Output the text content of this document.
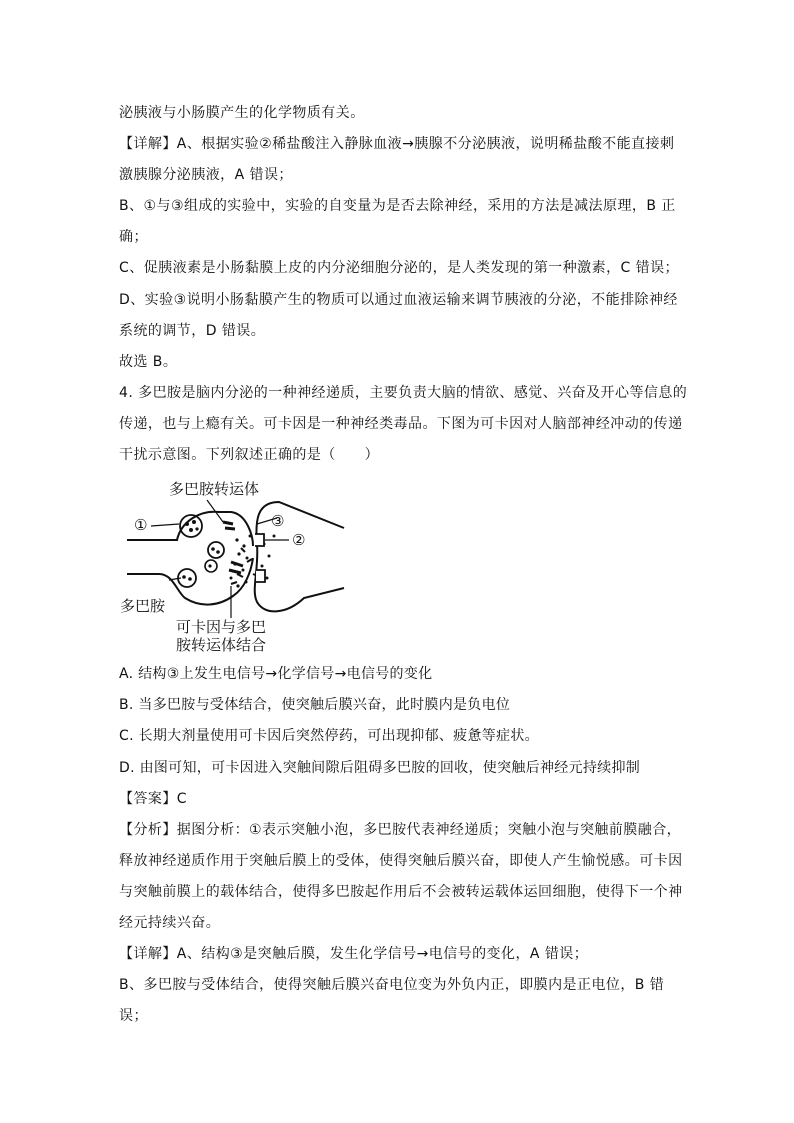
泌胰液与小肠膜产生的化学物质有关。
【详解】A、根据实验②稀盐酸注入静脉血液→胰腺不分泌胰液，说明稀盐酸不能直接刺
激胰腺分泌胰液，A 错误；
B、①与③组成的实验中，实验的自变量为是否去除神经，采用的方法是减法原理，B 正
确；
C、促胰液素是小肠黏膜上皮的内分泌细胞分泌的，是人类发现的第一种激素，C 错误；
D、实验③说明小肠黏膜产生的物质可以通过血液运输来调节胰液的分泌，不能排除神经
系统的调节，D 错误。
故选 B。
4. 多巴胺是脑内分泌的一种神经递质，主要负责大脑的情欲、感觉、兴奋及开心等信息的
传递，也与上瘾有关。可卡因是一种神经类毒品。下图为可卡因对人脑部神经冲动的传递
干扰示意图。下列叙述正确的是（　　）
多巴胺转运体
①
②
③
多巴胺
可卡因与多巴
胺转运体结合
A. 结构③上发生电信号→化学信号→电信号的变化
B. 当多巴胺与受体结合，使突触后膜兴奋，此时膜内是负电位
C. 长期大剂量使用可卡因后突然停药，可出现抑郁、疲惫等症状。
D. 由图可知，可卡因进入突触间隙后阻碍多巴胺的回收，使突触后神经元持续抑制
【答案】C
【分析】据图分析：①表示突触小泡，多巴胺代表神经递质；突触小泡与突触前膜融合，
释放神经递质作用于突触后膜上的受体，使得突触后膜兴奋，即使人产生愉悦感。可卡因
与突触前膜上的载体结合，使得多巴胺起作用后不会被转运载体运回细胞，使得下一个神
经元持续兴奋。
【详解】A、结构③是突触后膜，发生化学信号→电信号的变化，A 错误；
B、多巴胺与受体结合，使得突触后膜兴奋电位变为外负内正，即膜内是正电位，B 错
误；
